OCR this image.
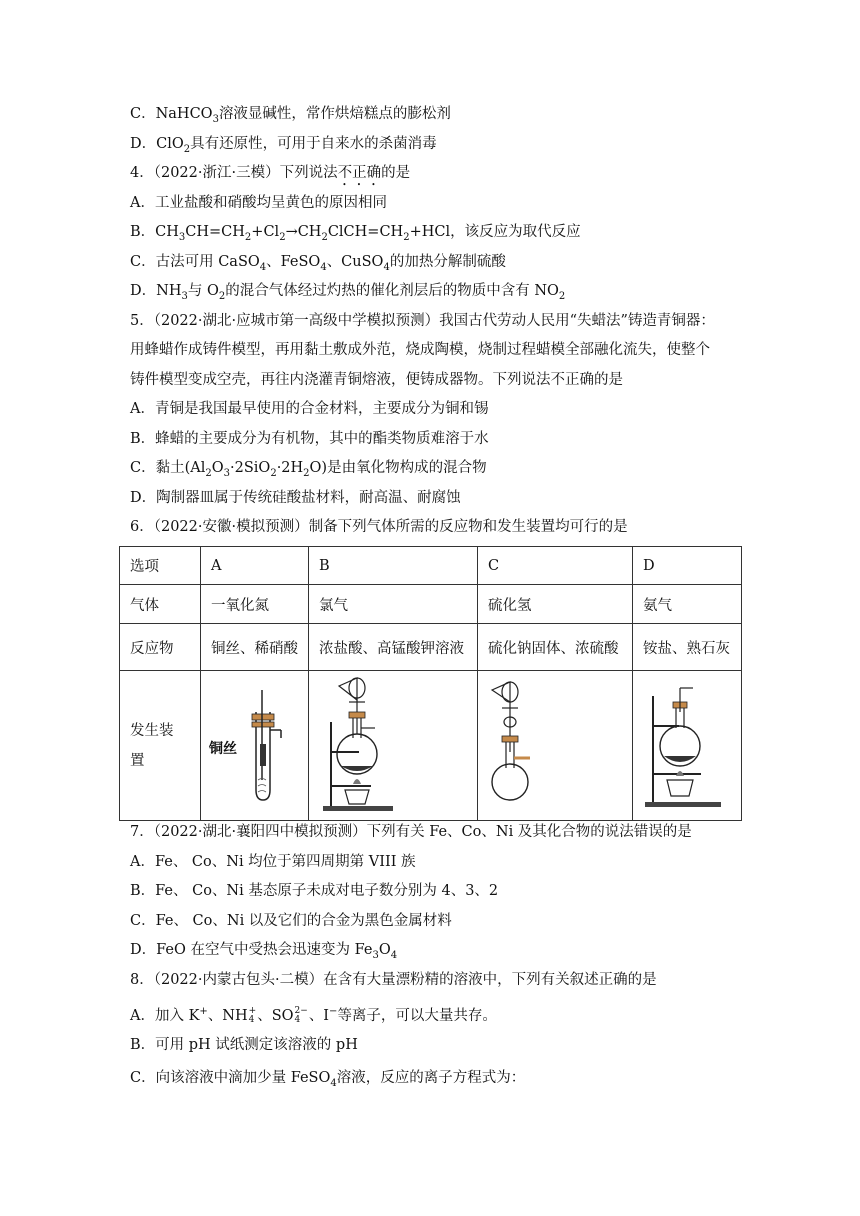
C．NaHCO$_3$溶液显碱性，常作烘焙糕点的膨松剂
D．ClO$_2$具有还原性，可用于自来水的杀菌消毒
4．（2022·浙江·三模）下列说法不正确的是
A．工业盐酸和硝酸均呈黄色的原因相同
B．$CH_3CH=CH_2+Cl_2\to CH_2ClCH=CH_2+HCl$，该反应为取代反应
C．古法可用 CaSO$_4$、FeSO$_4$、CuSO$_4$的加热分解制硫酸
D．$NH_3$与 $O_2$的混合气体经过灼热的催化剂层后的物质中含有 $NO_2$
5．（2022·湖北·应城市第一高级中学模拟预测）我国古代劳动人民用“失蜡法”铸造青铜器：
用蜂蜡作成铸件模型，再用黏土敷成外范，烧成陶模，烧制过程蜡模全部融化流失，使整个
铸件模型变成空壳，再往内浇灌青铜熔液，便铸成器物。下列说法不正确的是
A．青铜是我国最早使用的合金材料，主要成分为铜和锡
B．蜂蜡的主要成分为有机物，其中的酯类物质难溶于水
C．黏土$(Al_2O_3\cdot 2SiO_2\cdot 2H_2O)$是由氧化物构成的混合物
D．陶制器皿属于传统硅酸盐材料，耐高温、耐腐蚀
6．（2022·安徽·模拟预测）制备下列气体所需的反应物和发生装置均可行的是
选项	A	B	C	D
气体	一氧化氮	氯气	硫化氢	氨气
反应物	铜丝、稀硝酸	浓盐酸、高锰酸钾溶液	硫化钠固体、浓硫酸	铵盐、熟石灰
发生装
置	铜丝

7．（2022·湖北·襄阳四中模拟预测）下列有关 Fe、Co、Ni 及其化合物的说法错误的是
A．Fe、 Co、Ni 均位于第四周期第 VIII 族
B．Fe、 Co、Ni 基态原子未成对电子数分别为 4、3、2
C．Fe、 Co、Ni 以及它们的合金为黑色金属材料
D．FeO 在空气中受热会迅速变为 $Fe_3O_4$
8．（2022·内蒙古包头·二模）在含有大量漂粉精的溶液中，下列有关叙述正确的是
A．加入 K+、NH+
4 、SO2−
4 、I−等离子，可以大量共存。
B．可用 pH 试纸测定该溶液的 pH
C．向该溶液中滴加少量 FeSO$_4$溶液，反应的离子方程式为：
